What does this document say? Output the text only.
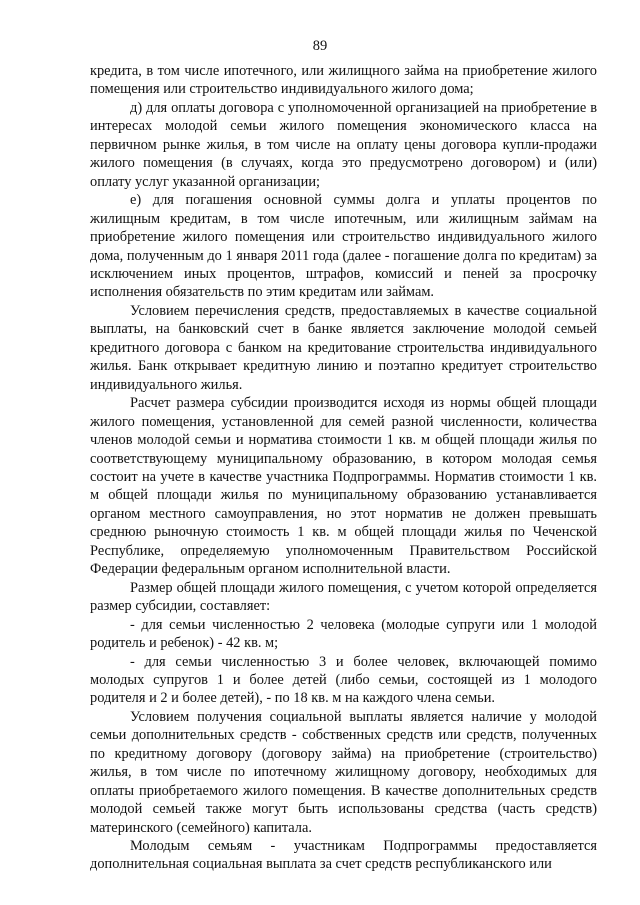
89

кредита, в том числе ипотечного, или жилищного займа на приобретение жилого помещения или строительство индивидуального жилого дома;

д) для оплаты договора с уполномоченной организацией на приобретение в интересах молодой семьи жилого помещения экономического класса на первичном рынке жилья, в том числе на оплату цены договора купли-продажи жилого помещения (в случаях, когда это предусмотрено договором) и (или) оплату услуг указанной организации;

е) для погашения основной суммы долга и уплаты процентов по жилищным кредитам, в том числе ипотечным, или жилищным займам на приобретение жилого помещения или строительство индивидуального жилого дома, полученным до 1 января 2011 года (далее - погашение долга по кредитам) за исключением иных процентов, штрафов, комиссий и пеней за просрочку исполнения обязательств по этим кредитам или займам.

Условием перечисления средств, предоставляемых в качестве социальной выплаты, на банковский счет в банке является заключение молодой семьей кредитного договора с банком на кредитование строительства индивидуального жилья. Банк открывает кредитную линию и поэтапно кредитует строительство индивидуального жилья.

Расчет размера субсидии производится исходя из нормы общей площади жилого помещения, установленной для семей разной численности, количества членов молодой семьи и норматива стоимости 1 кв. м общей площади жилья по соответствующему муниципальному образованию, в котором молодая семья состоит на учете в качестве участника Подпрограммы. Норматив стоимости 1 кв. м общей площади жилья по муниципальному образованию устанавливается органом местного самоуправления, но этот норматив не должен превышать среднюю рыночную стоимость 1 кв. м общей площади жилья по Чеченской Республике, определяемую уполномоченным Правительством Российской Федерации федеральным органом исполнительной власти.

Размер общей площади жилого помещения, с учетом которой определяется размер субсидии, составляет:

- для семьи численностью 2 человека (молодые супруги или 1 молодой родитель и ребенок) - 42 кв. м;

- для семьи численностью 3 и более человек, включающей помимо молодых супругов 1 и более детей (либо семьи, состоящей из 1 молодого родителя и 2 и более детей), - по 18 кв. м на каждого члена семьи.

Условием получения социальной выплаты является наличие у молодой семьи дополнительных средств - собственных средств или средств, полученных по кредитному договору (договору займа) на приобретение (строительство) жилья, в том числе по ипотечному жилищному договору, необходимых для оплаты приобретаемого жилого помещения. В качестве дополнительных средств молодой семьей также могут быть использованы средства (часть средств) материнского (семейного) капитала.

Молодым семьям - участникам Подпрограммы предоставляется дополнительная социальная выплата за счет средств республиканского или
